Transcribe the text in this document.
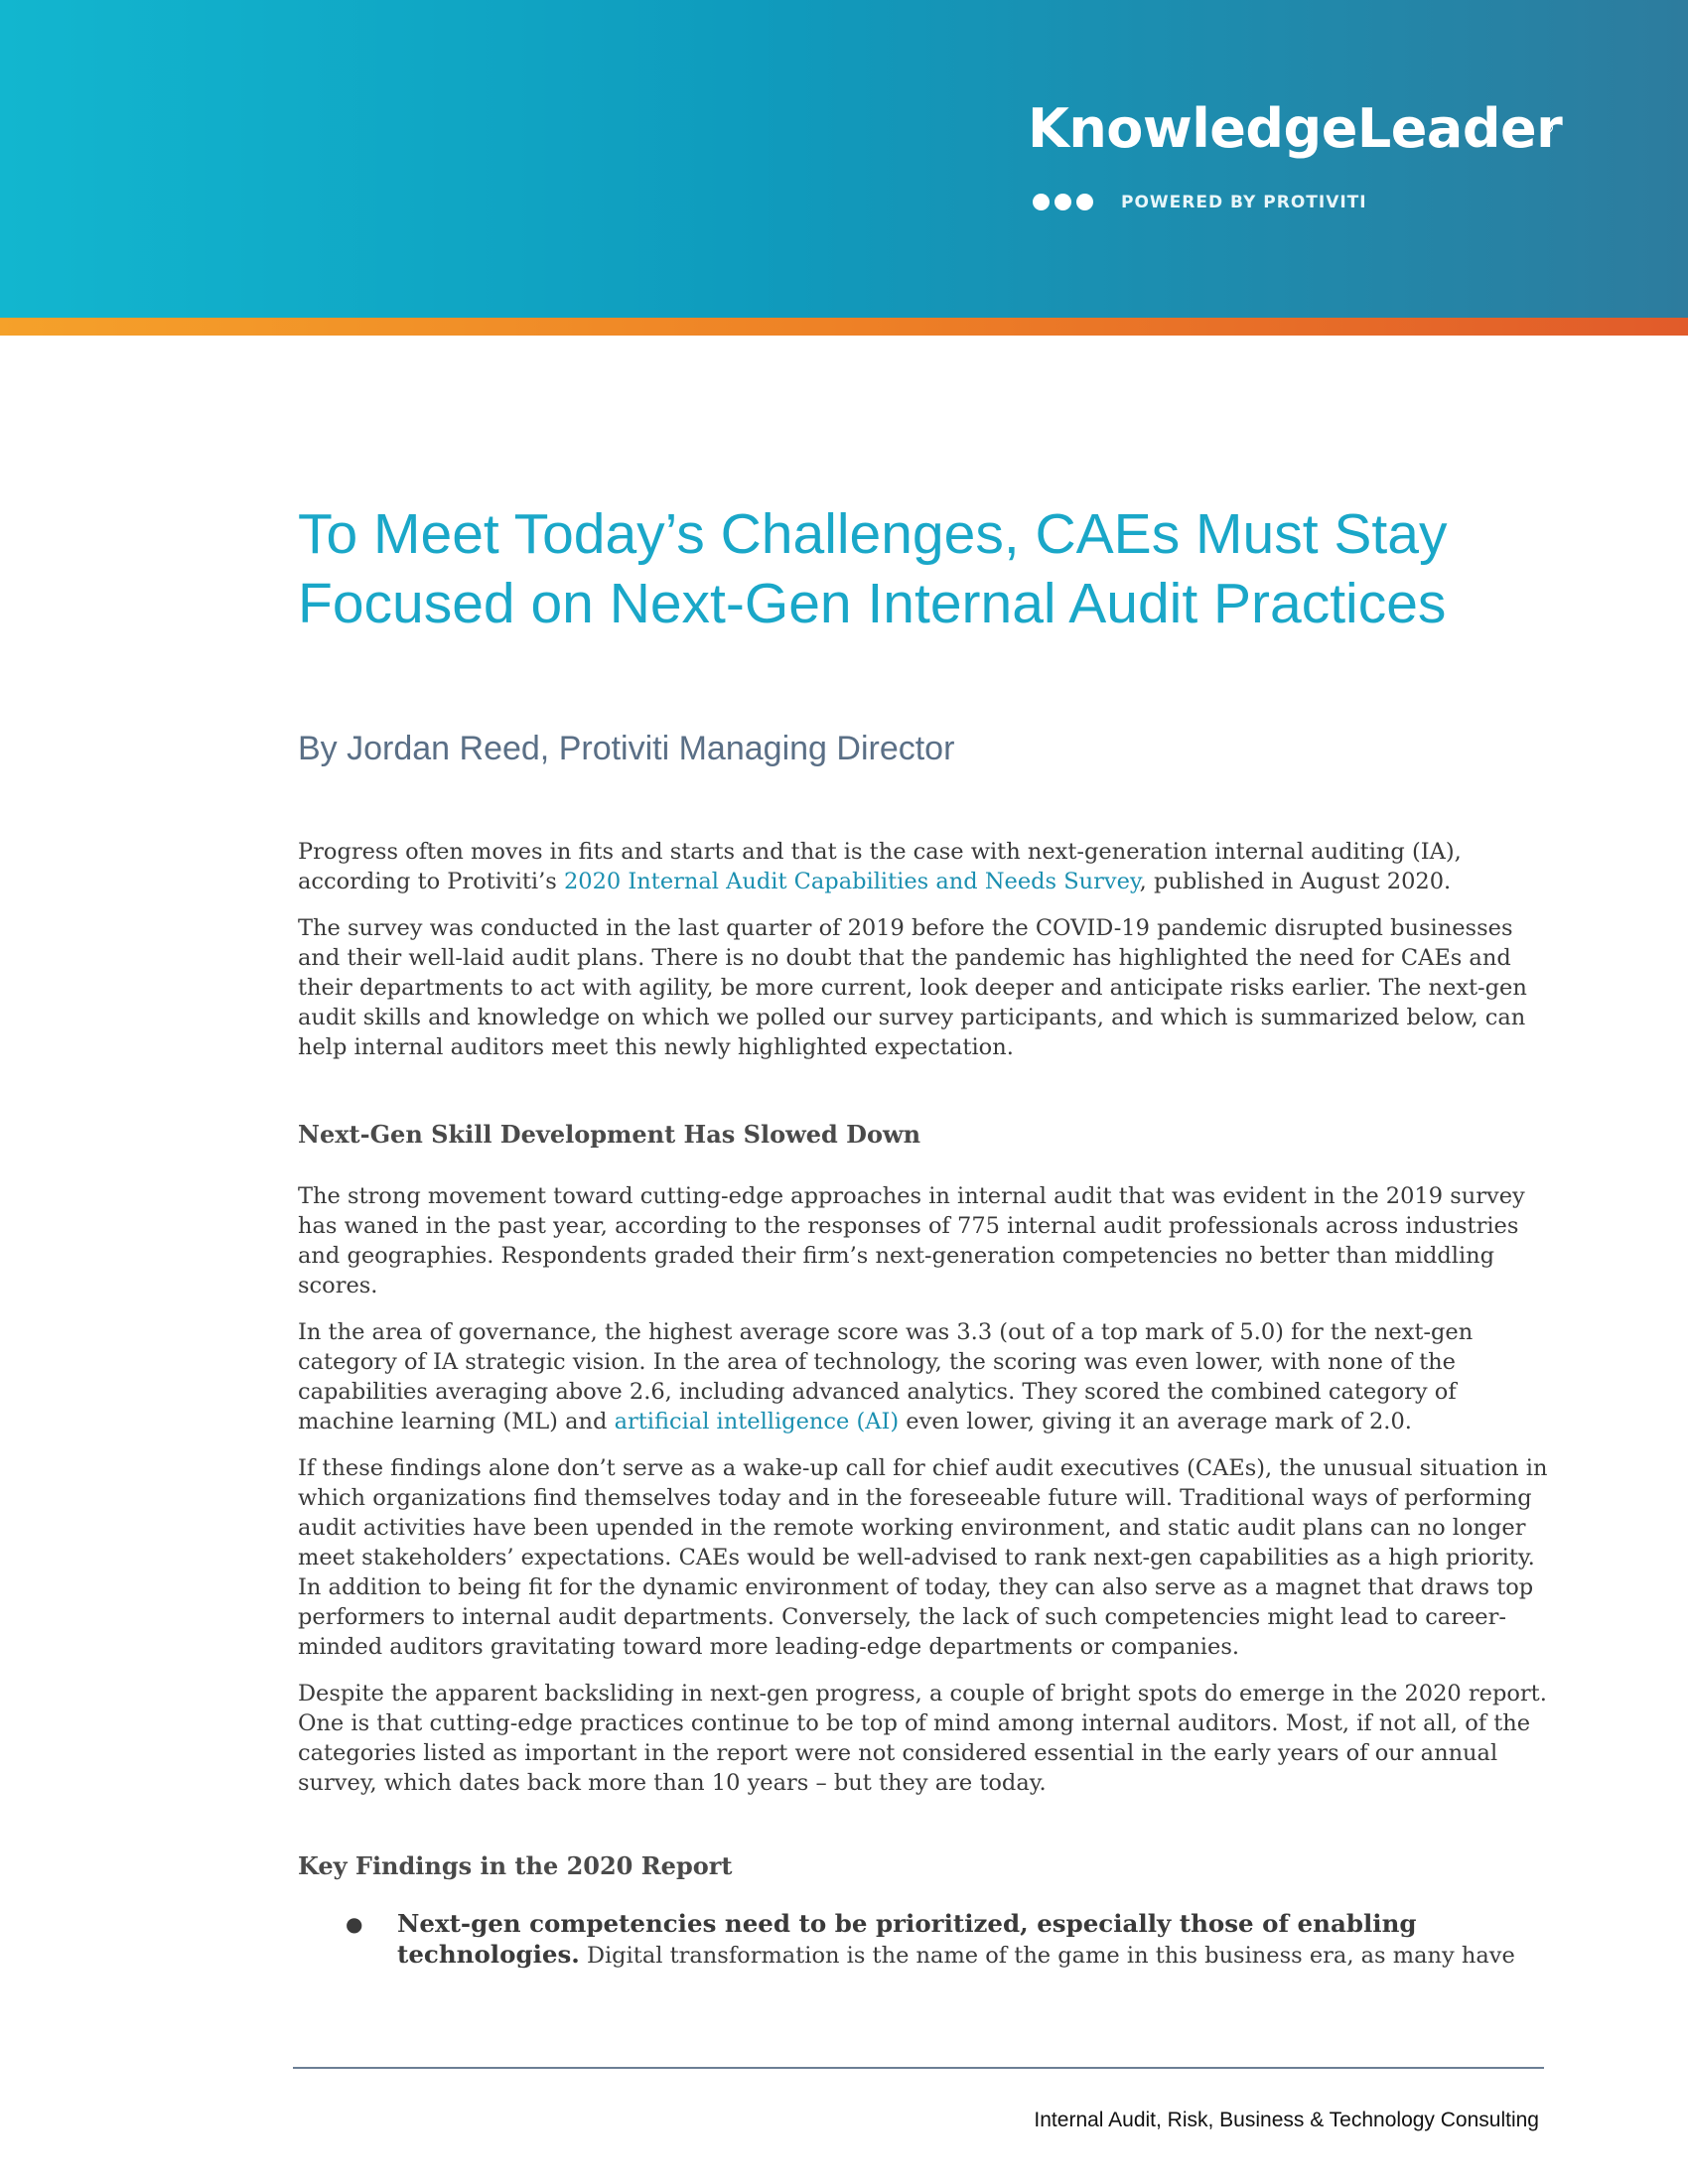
KnowledgeLeader
POWERED BY PROTIVITI
To Meet Today’s Challenges, CAEs Must Stay Focused on Next-Gen Internal Audit Practices
By Jordan Reed, Protiviti Managing Director

Progress often moves in fits and starts and that is the case with next-generation internal auditing (IA), according to Protiviti’s 2020 Internal Audit Capabilities and Needs Survey, published in August 2020.

The survey was conducted in the last quarter of 2019 before the COVID-19 pandemic disrupted businesses and their well-laid audit plans. There is no doubt that the pandemic has highlighted the need for CAEs and their departments to act with agility, be more current, look deeper and anticipate risks earlier. The next-gen audit skills and knowledge on which we polled our survey participants, and which is summarized below, can help internal auditors meet this newly highlighted expectation.

Next-Gen Skill Development Has Slowed Down

The strong movement toward cutting-edge approaches in internal audit that was evident in the 2019 survey has waned in the past year, according to the responses of 775 internal audit professionals across industries and geographies. Respondents graded their firm’s next-generation competencies no better than middling scores.

In the area of governance, the highest average score was 3.3 (out of a top mark of 5.0) for the next-gen category of IA strategic vision. In the area of technology, the scoring was even lower, with none of the capabilities averaging above 2.6, including advanced analytics. They scored the combined category of machine learning (ML) and artificial intelligence (AI) even lower, giving it an average mark of 2.0.

If these findings alone don’t serve as a wake-up call for chief audit executives (CAEs), the unusual situation in which organizations find themselves today and in the foreseeable future will. Traditional ways of performing audit activities have been upended in the remote working environment, and static audit plans can no longer meet stakeholders’ expectations. CAEs would be well-advised to rank next-gen capabilities as a high priority. In addition to being fit for the dynamic environment of today, they can also serve as a magnet that draws top performers to internal audit departments. Conversely, the lack of such competencies might lead to career-minded auditors gravitating toward more leading-edge departments or companies.

Despite the apparent backsliding in next-gen progress, a couple of bright spots do emerge in the 2020 report. One is that cutting-edge practices continue to be top of mind among internal auditors. Most, if not all, of the categories listed as important in the report were not considered essential in the early years of our annual survey, which dates back more than 10 years – but they are today.

Key Findings in the 2020 Report
● Next-gen competencies need to be prioritized, especially those of enabling technologies. Digital transformation is the name of the game in this business era, as many have
Internal Audit, Risk, Business & Technology Consulting
